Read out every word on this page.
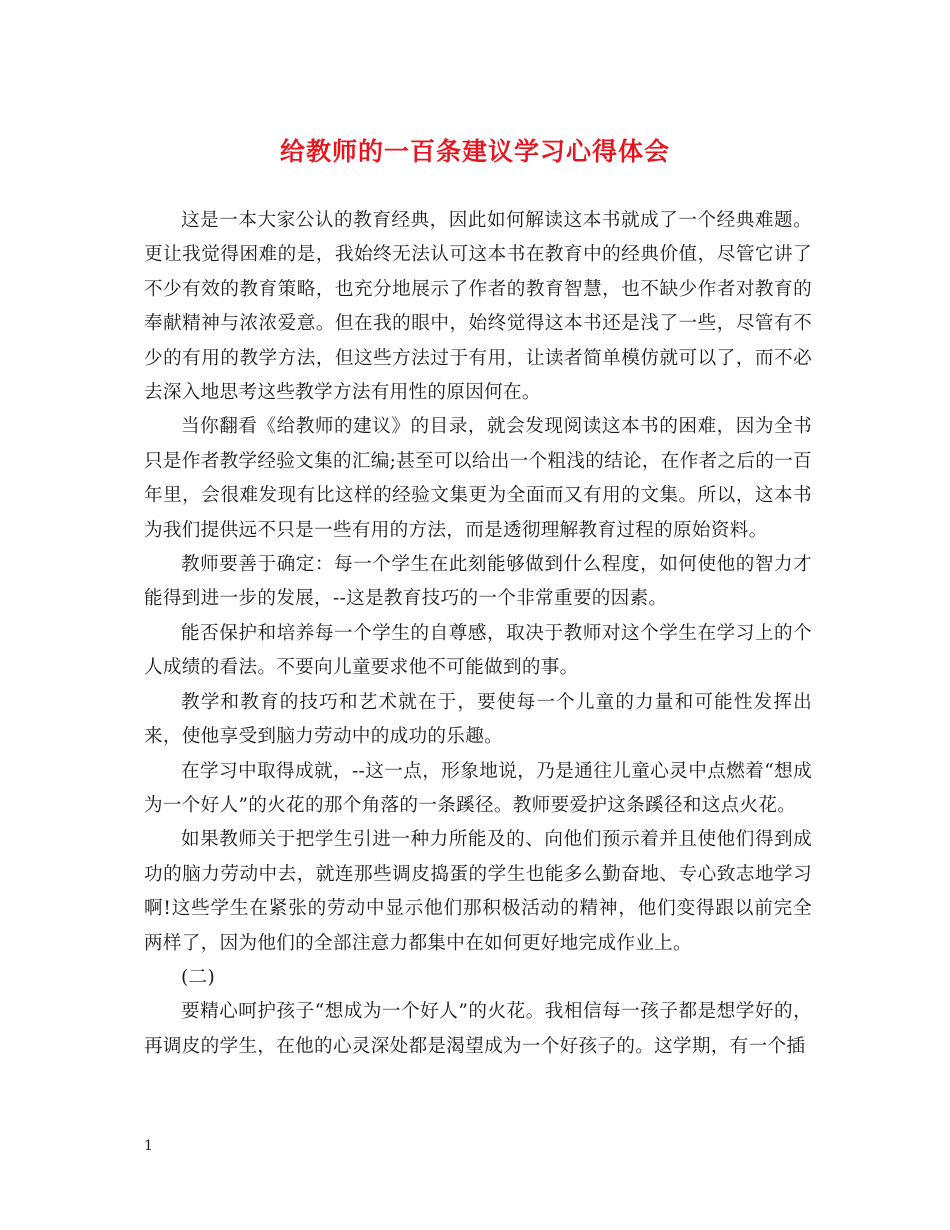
给教师的一百条建议学习心得体会

这是一本大家公认的教育经典，因此如何解读这本书就成了一个经典难题。更让我觉得困难的是，我始终无法认可这本书在教育中的经典价值，尽管它讲了不少有效的教育策略，也充分地展示了作者的教育智慧，也不缺少作者对教育的奉献精神与浓浓爱意。但在我的眼中，始终觉得这本书还是浅了一些，尽管有不少的有用的教学方法，但这些方法过于有用，让读者简单模仿就可以了，而不必去深入地思考这些教学方法有用性的原因何在。

当你翻看《给教师的建议》的目录，就会发现阅读这本书的困难，因为全书只是作者教学经验文集的汇编;甚至可以给出一个粗浅的结论，在作者之后的一百年里，会很难发现有比这样的经验文集更为全面而又有用的文集。所以，这本书为我们提供远不只是一些有用的方法，而是透彻理解教育过程的原始资料。

教师要善于确定：每一个学生在此刻能够做到什么程度，如何使他的智力才能得到进一步的发展，--这是教育技巧的一个非常重要的因素。

能否保护和培养每一个学生的自尊感，取决于教师对这个学生在学习上的个人成绩的看法。不要向儿童要求他不可能做到的事。

教学和教育的技巧和艺术就在于，要使每一个儿童的力量和可能性发挥出来，使他享受到脑力劳动中的成功的乐趣。

在学习中取得成就，--这一点，形象地说，乃是通往儿童心灵中点燃着“想成为一个好人”的火花的那个角落的一条蹊径。教师要爱护这条蹊径和这点火花。

如果教师关于把学生引进一种力所能及的、向他们预示着并且使他们得到成功的脑力劳动中去，就连那些调皮捣蛋的学生也能多么勤奋地、专心致志地学习啊!这些学生在紧张的劳动中显示他们那积极活动的精神，他们变得跟以前完全两样了，因为他们的全部注意力都集中在如何更好地完成作业上。

(二)

要精心呵护孩子“想成为一个好人”的火花。我相信每一孩子都是想学好的，再调皮的学生，在他的心灵深处都是渴望成为一个好孩子的。这学期，有一个插

1
